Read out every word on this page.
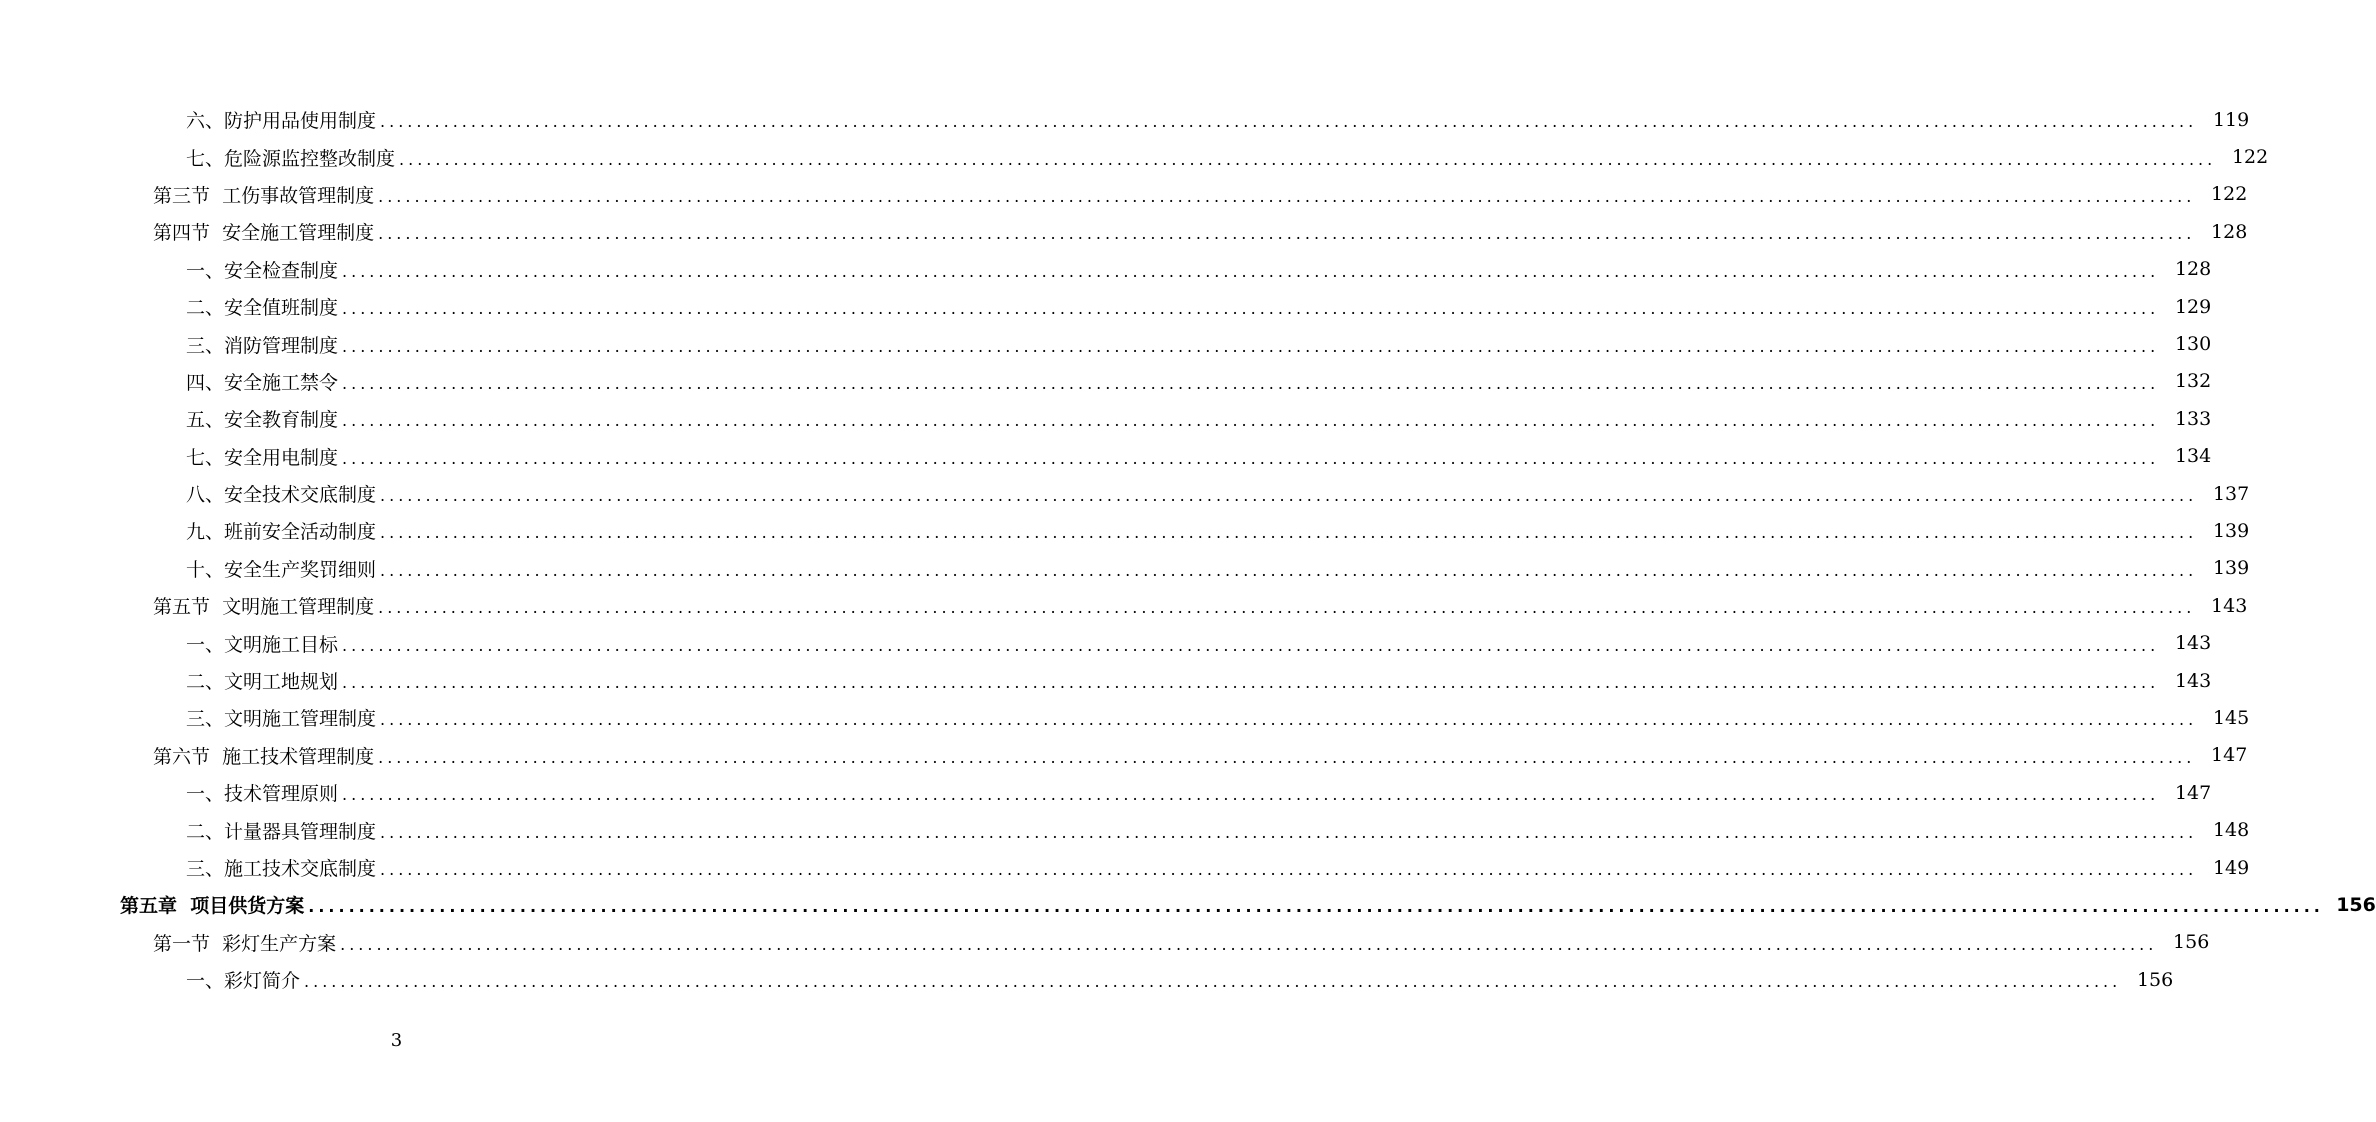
六、 防护用品使用制度 ........................................................................................................................................................................................................ 119
七、 危险源监控整改制度 ........................................................................................................................................................................................................ 122
第三节 工伤事故管理制度 ........................................................................................................................................................................................................ 122
第四节 安全施工管理制度 ........................................................................................................................................................................................................ 128
一、 安全检查制度 ........................................................................................................................................................................................................ 128
二、 安全值班制度 ........................................................................................................................................................................................................ 129
三、 消防管理制度 ........................................................................................................................................................................................................ 130
四、 安全施工禁令 ........................................................................................................................................................................................................ 132
五、 安全教育制度 ........................................................................................................................................................................................................ 133
七、 安全用电制度 ........................................................................................................................................................................................................ 134
八、 安全技术交底制度 ........................................................................................................................................................................................................ 137
九、 班前安全活动制度 ........................................................................................................................................................................................................ 139
十、 安全生产奖罚细则 ........................................................................................................................................................................................................ 139
第五节 文明施工管理制度 ........................................................................................................................................................................................................ 143
一、 文明施工目标 ........................................................................................................................................................................................................ 143
二、 文明工地规划 ........................................................................................................................................................................................................ 143
三、 文明施工管理制度 ........................................................................................................................................................................................................ 145
第六节 施工技术管理制度 ........................................................................................................................................................................................................ 147
一、 技术管理原则 ........................................................................................................................................................................................................ 147
二、 计量器具管理制度 ........................................................................................................................................................................................................ 148
三、 施工技术交底制度 ........................................................................................................................................................................................................ 149
第五章 项目供货方案 ........................................................................................................................................................................................................ 156
第一节 彩灯生产方案 ........................................................................................................................................................................................................ 156
一、 彩灯简介 ........................................................................................................................................................................................................ 156
3
